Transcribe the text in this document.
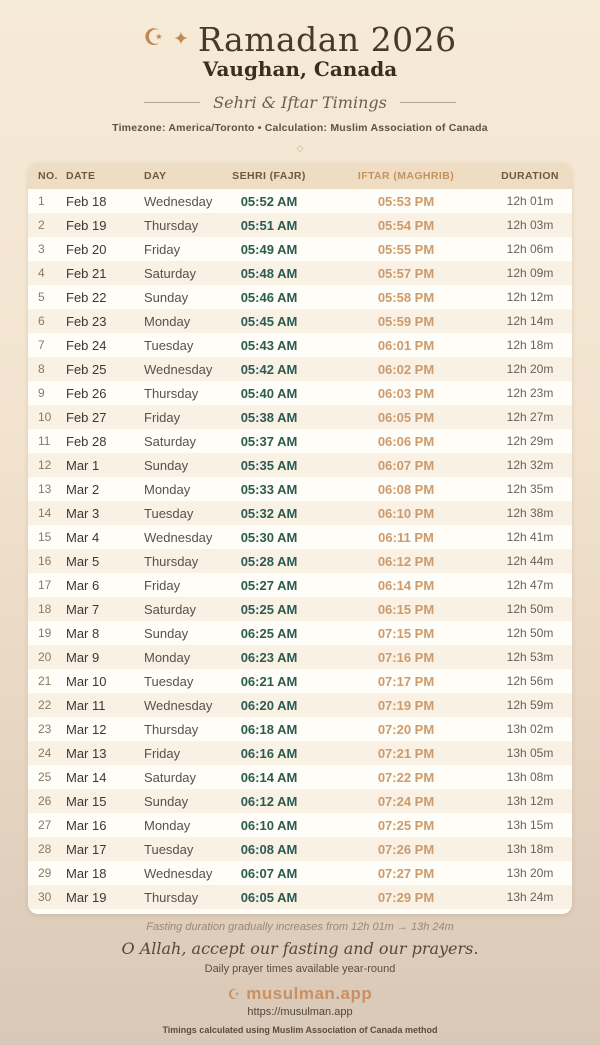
☪ ✦ Ramadan 2026
Vaughan, Canada
Sehri & Iftar Timings
Timezone: America/Toronto • Calculation: Muslim Association of Canada
◇
NO.	DATE	DAY	SEHRI (FAJR)	IFTAR (MAGHRIB)	DURATION
1	Feb 18	Wednesday	05:52 AM	05:53 PM	12h 01m
2	Feb 19	Thursday	05:51 AM	05:54 PM	12h 03m
3	Feb 20	Friday	05:49 AM	05:55 PM	12h 06m
4	Feb 21	Saturday	05:48 AM	05:57 PM	12h 09m
5	Feb 22	Sunday	05:46 AM	05:58 PM	12h 12m
6	Feb 23	Monday	05:45 AM	05:59 PM	12h 14m
7	Feb 24	Tuesday	05:43 AM	06:01 PM	12h 18m
8	Feb 25	Wednesday	05:42 AM	06:02 PM	12h 20m
9	Feb 26	Thursday	05:40 AM	06:03 PM	12h 23m
10	Feb 27	Friday	05:38 AM	06:05 PM	12h 27m
11	Feb 28	Saturday	05:37 AM	06:06 PM	12h 29m
12	Mar 1	Sunday	05:35 AM	06:07 PM	12h 32m
13	Mar 2	Monday	05:33 AM	06:08 PM	12h 35m
14	Mar 3	Tuesday	05:32 AM	06:10 PM	12h 38m
15	Mar 4	Wednesday	05:30 AM	06:11 PM	12h 41m
16	Mar 5	Thursday	05:28 AM	06:12 PM	12h 44m
17	Mar 6	Friday	05:27 AM	06:14 PM	12h 47m
18	Mar 7	Saturday	05:25 AM	06:15 PM	12h 50m
19	Mar 8	Sunday	06:25 AM	07:15 PM	12h 50m
20	Mar 9	Monday	06:23 AM	07:16 PM	12h 53m
21	Mar 10	Tuesday	06:21 AM	07:17 PM	12h 56m
22	Mar 11	Wednesday	06:20 AM	07:19 PM	12h 59m
23	Mar 12	Thursday	06:18 AM	07:20 PM	13h 02m
24	Mar 13	Friday	06:16 AM	07:21 PM	13h 05m
25	Mar 14	Saturday	06:14 AM	07:22 PM	13h 08m
26	Mar 15	Sunday	06:12 AM	07:24 PM	13h 12m
27	Mar 16	Monday	06:10 AM	07:25 PM	13h 15m
28	Mar 17	Tuesday	06:08 AM	07:26 PM	13h 18m
29	Mar 18	Wednesday	06:07 AM	07:27 PM	13h 20m
30	Mar 19	Thursday	06:05 AM	07:29 PM	13h 24m
Fasting duration gradually increases from 12h 01m → 13h 24m
O Allah, accept our fasting and our prayers.
Daily prayer times available year-round
☪ musulman.app
https://musulman.app
Timings calculated using Muslim Association of Canada method
